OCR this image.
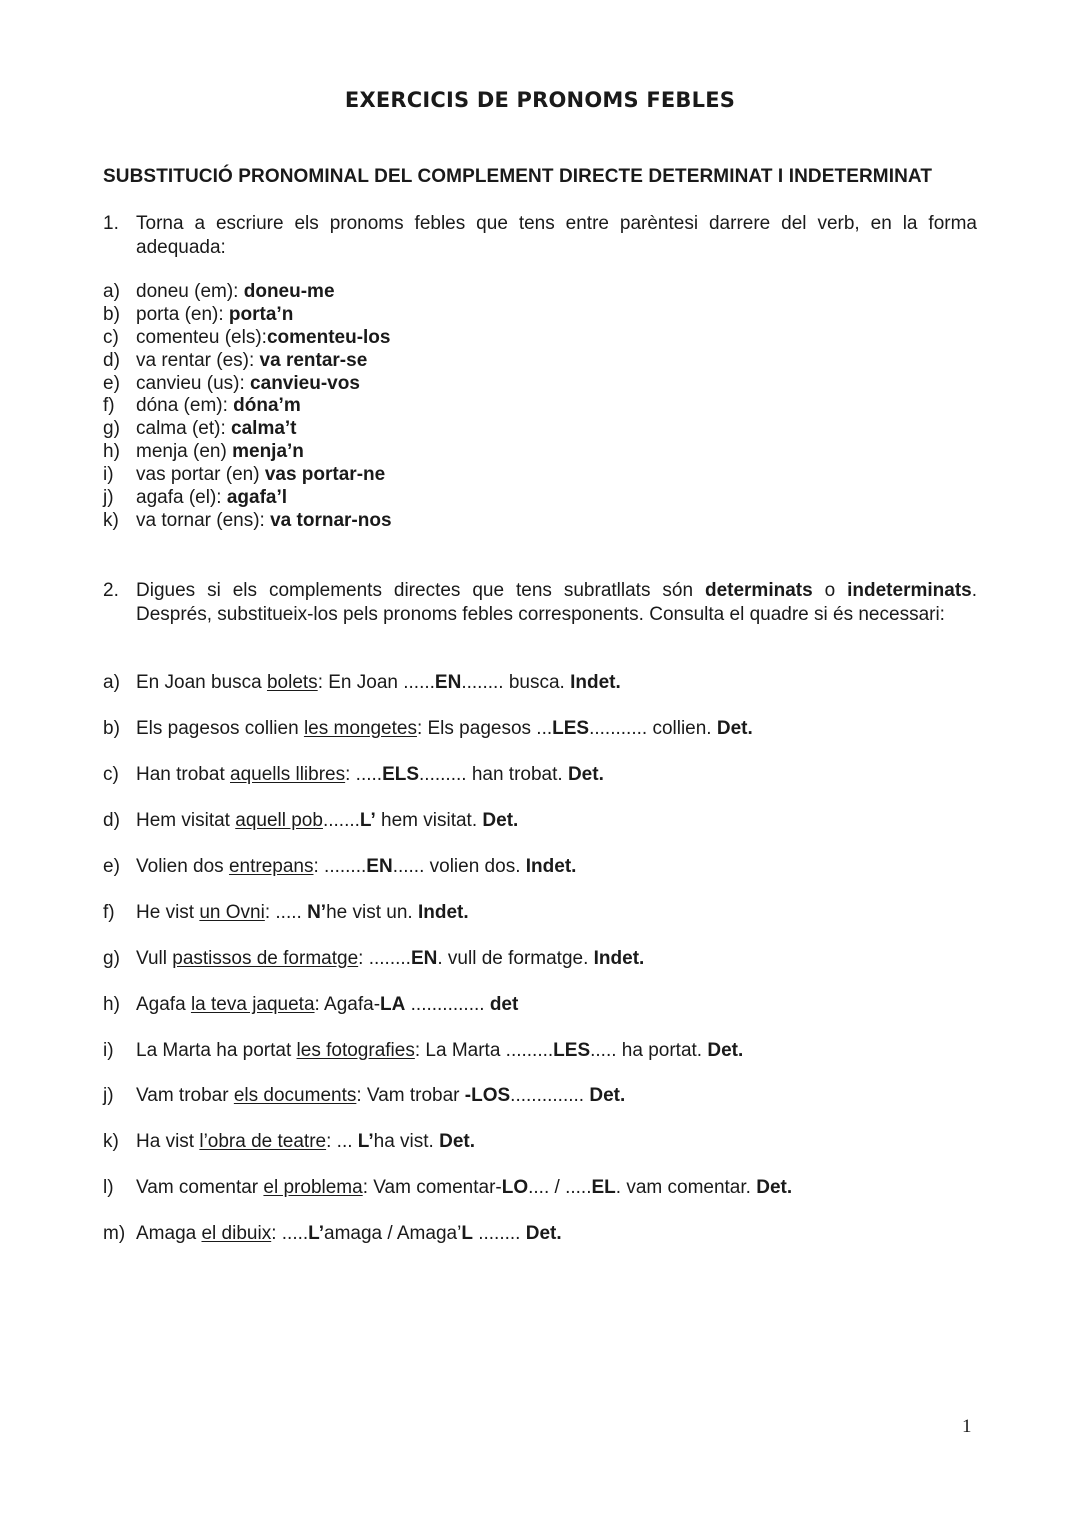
EXERCICIS DE PRONOMS FEBLES
SUBSTITUCIÓ PRONOMINAL DEL COMPLEMENT DIRECTE DETERMINAT I INDETERMINAT
1. Torna a escriure els pronoms febles que tens entre parèntesi darrere del verb, en la forma adequada:
a) doneu (em): doneu-me
b) porta (en): porta’n
c) comenteu (els):comenteu-los
d) va rentar (es): va rentar-se
e) canvieu (us): canvieu-vos
f) dóna (em): dóna’m
g) calma (et): calma’t
h) menja (en) menja’n
i) vas portar (en) vas portar-ne
j) agafa (el): agafa’l
k) va tornar (ens): va tornar-nos
2. Digues si els complements directes que tens subratllats són determinats o indeterminats. Després, substitueix-los pels pronoms febles corresponents. Consulta el quadre si és necessari:
a) En Joan busca bolets: En Joan ......EN........ busca. Indet.
b) Els pagesos collien les mongetes: Els pagesos ...LES........... collien. Det.
c) Han trobat aquells llibres: .....ELS......... han trobat. Det.
d) Hem visitat aquell pob.......L’ hem visitat. Det.
e) Volien dos entrepans: ........EN...... volien dos. Indet.
f) He vist un Ovni: ..... N’he vist un. Indet.
g) Vull pastissos de formatge: ........EN. vull de formatge. Indet.
h) Agafa la teva jaqueta: Agafa-LA .............. det
i) La Marta ha portat les fotografies: La Marta .........LES..... ha portat. Det.
j) Vam trobar els documents: Vam trobar -LOS.............. Det.
k) Ha vist l’obra de teatre: ... L’ha vist. Det.
l) Vam comentar el problema: Vam comentar-LO.... / .....EL. vam comentar. Det.
m) Amaga el dibuix: .....L’amaga / Amaga’L ........ Det.
1
